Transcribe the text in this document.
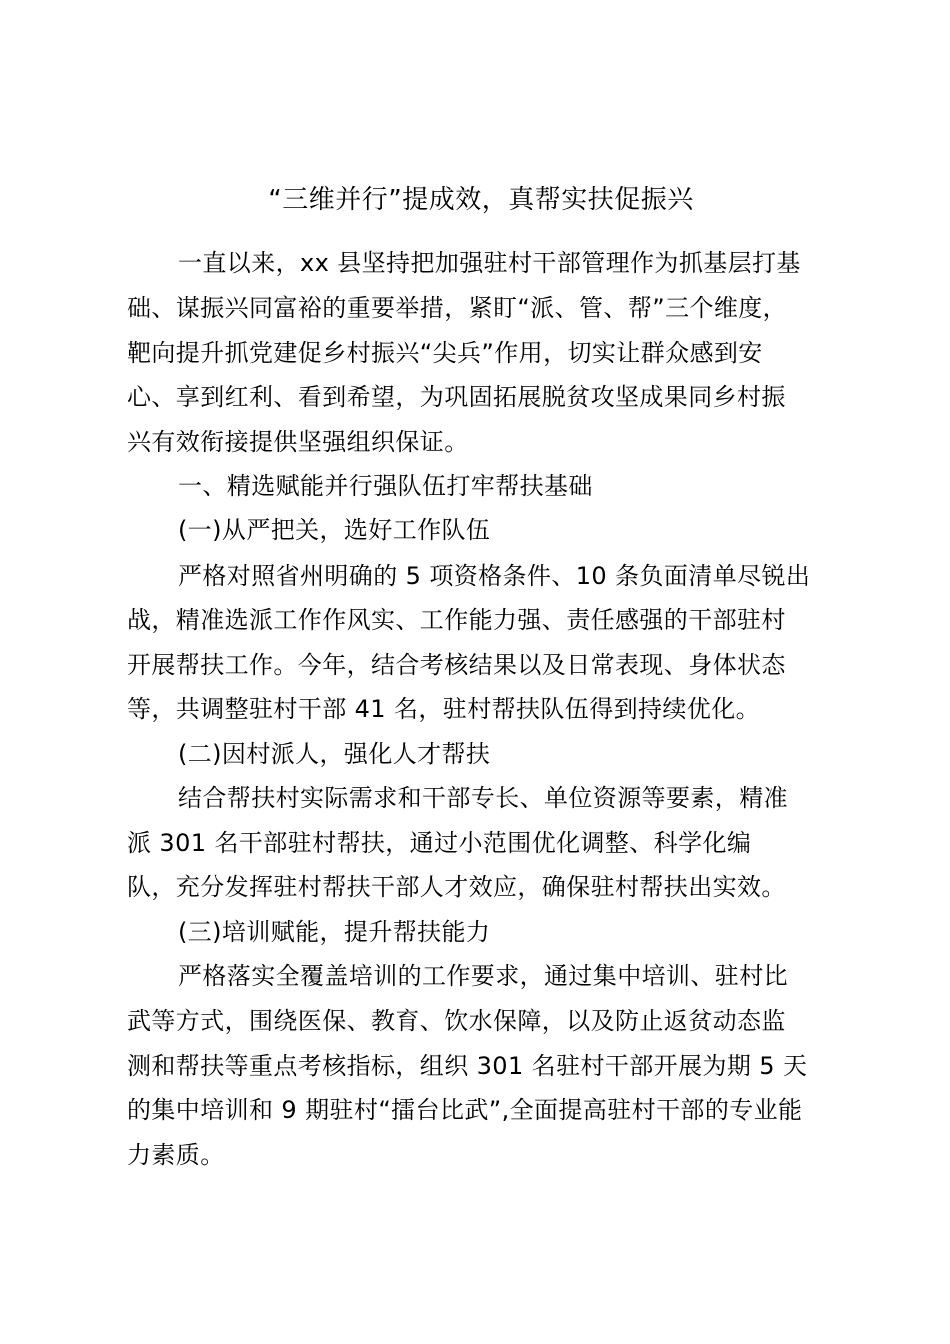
“三维并行”提成效，真帮实扶促振兴

一直以来，xx 县坚持把加强驻村干部管理作为抓基层打基

础、谋振兴同富裕的重要举措，紧盯“派、管、帮”三个维度，

靶向提升抓党建促乡村振兴“尖兵”作用，切实让群众感到安

心、享到红利、看到希望，为巩固拓展脱贫攻坚成果同乡村振

兴有效衔接提供坚强组织保证。

一、精选赋能并行强队伍打牢帮扶基础

(一)从严把关，选好工作队伍

严格对照省州明确的 5 项资格条件、10 条负面清单尽锐出

战，精准选派工作作风实、工作能力强、责任感强的干部驻村

开展帮扶工作。今年，结合考核结果以及日常表现、身体状态

等，共调整驻村干部 41 名，驻村帮扶队伍得到持续优化。

(二)因村派人，强化人才帮扶

结合帮扶村实际需求和干部专长、单位资源等要素，精准

派 301 名干部驻村帮扶，通过小范围优化调整、科学化编

队，充分发挥驻村帮扶干部人才效应，确保驻村帮扶出实效。

(三)培训赋能，提升帮扶能力

严格落实全覆盖培训的工作要求，通过集中培训、驻村比

武等方式，围绕医保、教育、饮水保障，以及防止返贫动态监

测和帮扶等重点考核指标，组织 301 名驻村干部开展为期 5 天

的集中培训和 9 期驻村“擂台比武”,全面提高驻村干部的专业能

力素质。
